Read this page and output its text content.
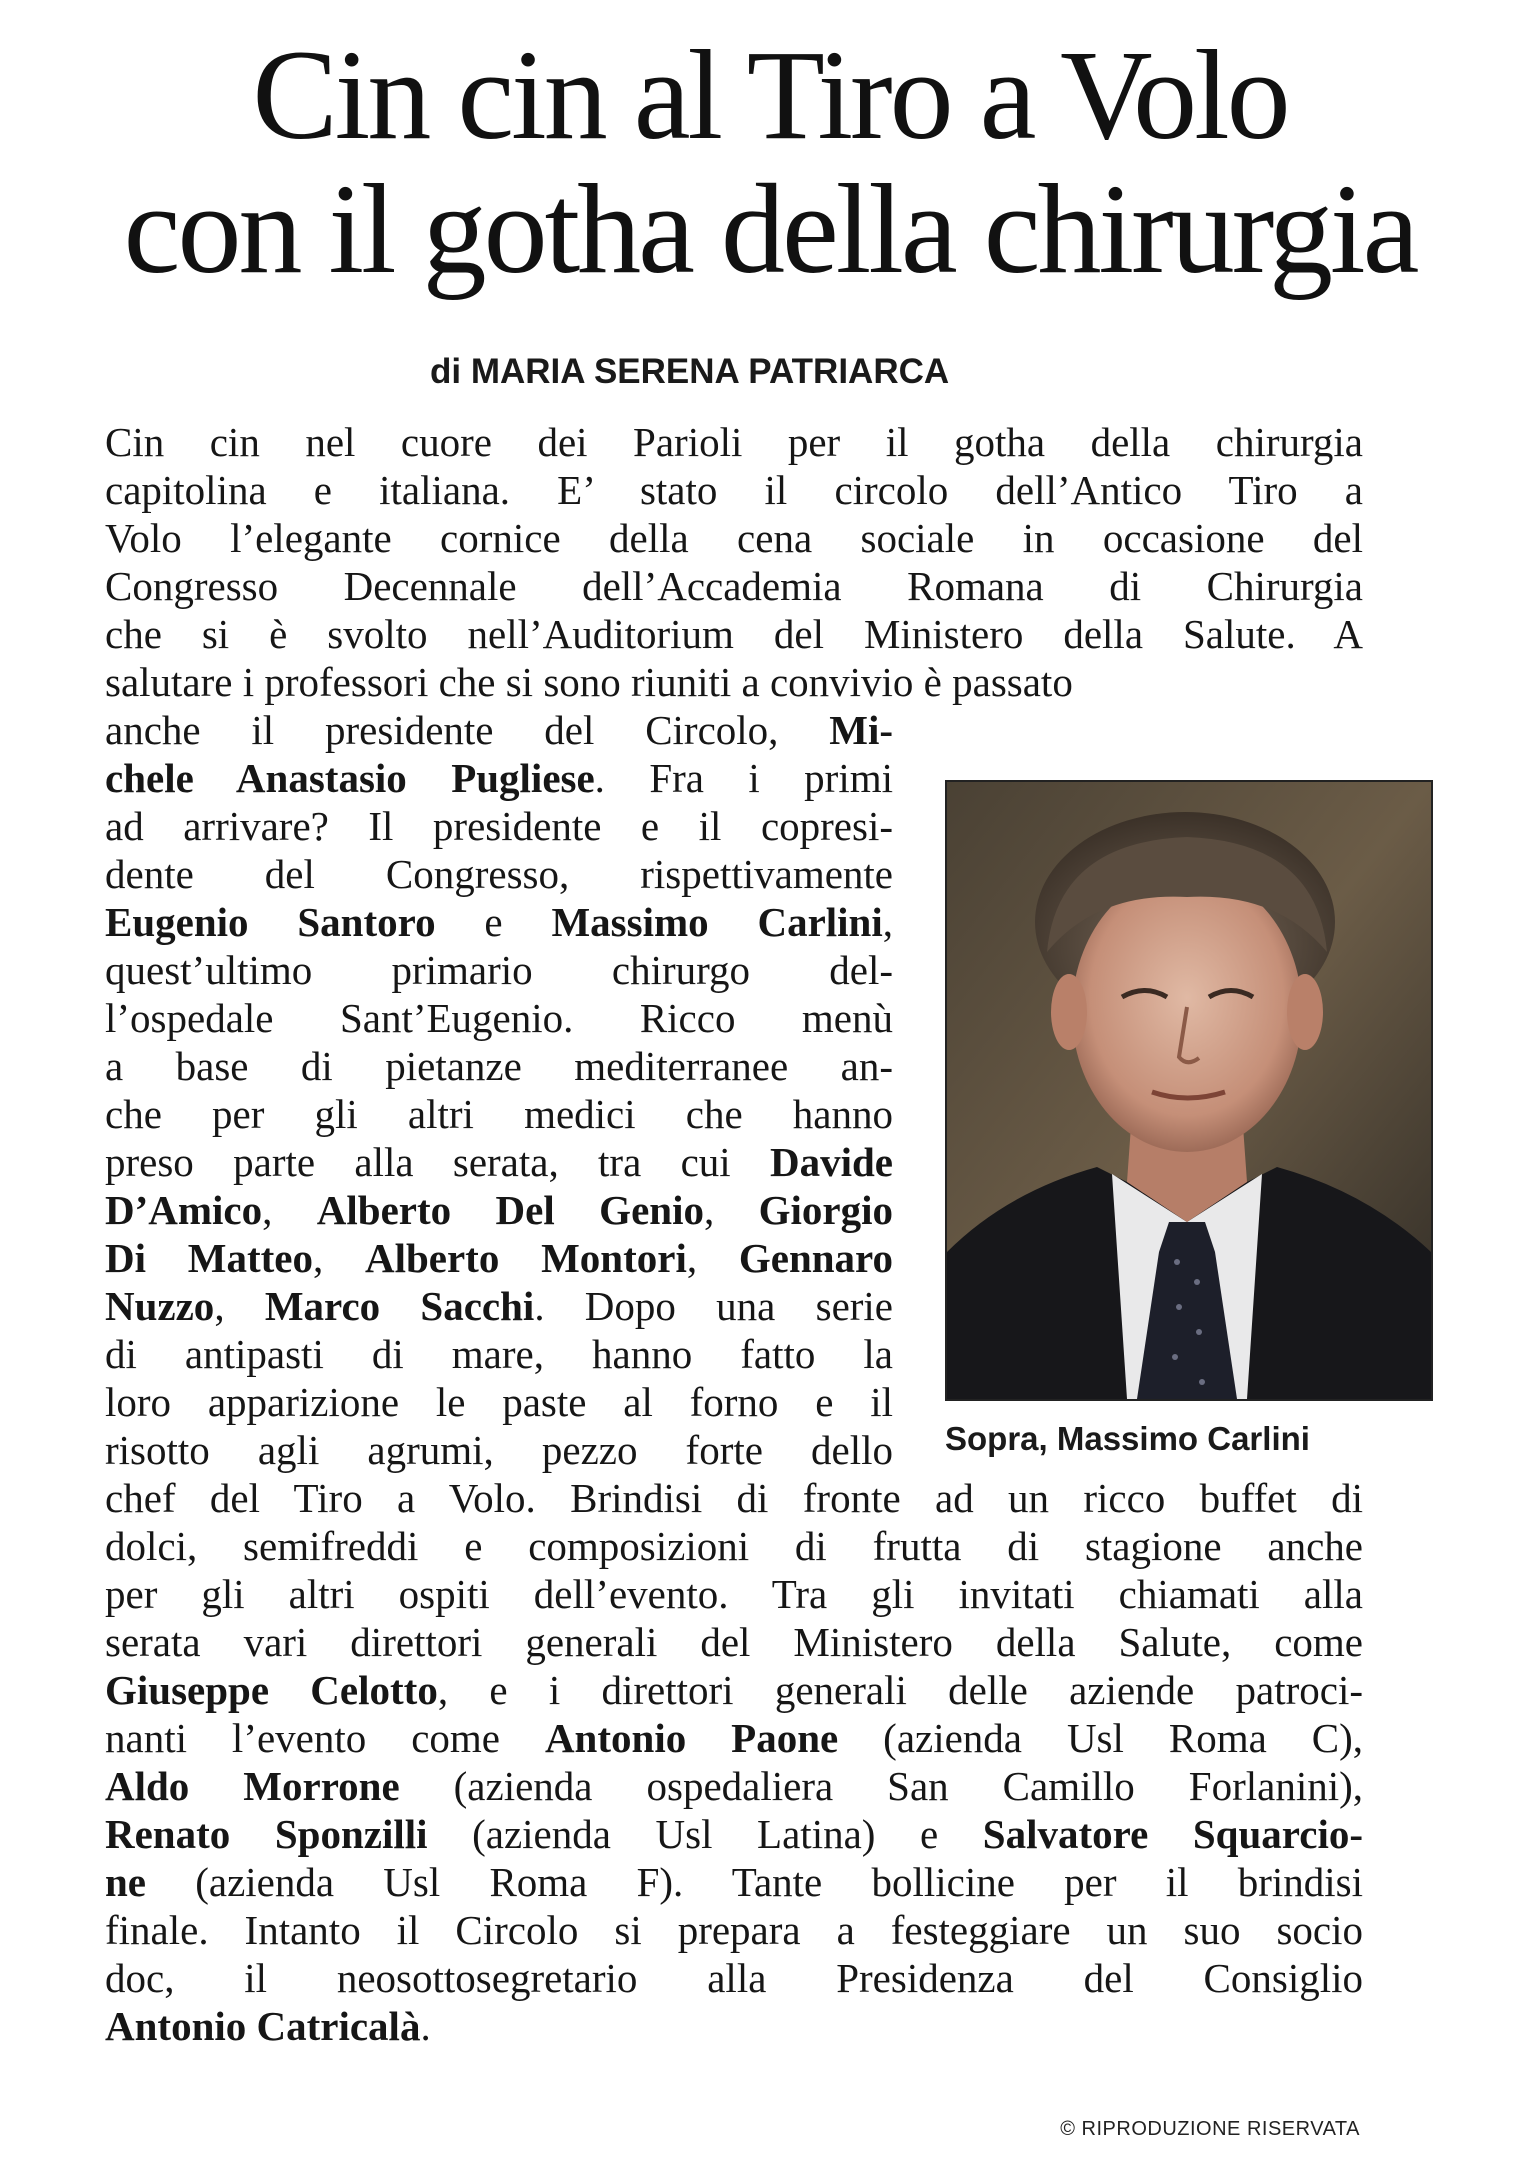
Cin cin al Tiro a Volo
con il gotha della chirurgia
di MARIA SERENA PATRIARCA
Cin cin nel cuore dei Parioli per il gotha della chirurgia
capitolina e italiana. E’ stato il circolo dell’Antico Tiro a
Volo l’elegante cornice della cena sociale in occasione del
Congresso Decennale dell’Accademia Romana di Chirurgia
che si è svolto nell’Auditorium del Ministero della Salute. A
salutare i professori che si sono riuniti a convivio è passato
anche il presidente del Circolo, Mi-
chele Anastasio Pugliese. Fra i primi
ad arrivare? Il presidente e il copresi-
dente del Congresso, rispettivamente
Eugenio Santoro e Massimo Carlini,
quest’ultimo primario chirurgo del-
l’ospedale Sant’Eugenio. Ricco menù
a base di pietanze mediterranee an-
che per gli altri medici che hanno
preso parte alla serata, tra cui Davide
D’Amico, Alberto Del Genio, Giorgio
Di Matteo, Alberto Montori, Gennaro
Nuzzo, Marco Sacchi. Dopo una serie
di antipasti di mare, hanno fatto la
loro apparizione le paste al forno e il
risotto agli agrumi, pezzo forte dello
chef del Tiro a Volo. Brindisi di fronte ad un ricco buffet di
dolci, semifreddi e composizioni di frutta di stagione anche
per gli altri ospiti dell’evento. Tra gli invitati chiamati alla
serata vari direttori generali del Ministero della Salute, come
Giuseppe Celotto, e i direttori generali delle aziende patroci-
nanti l’evento come Antonio Paone (azienda Usl Roma C),
Aldo Morrone (azienda ospedaliera San Camillo Forlanini),
Renato Sponzilli (azienda Usl Latina) e Salvatore Squarcio-
ne (azienda Usl Roma F). Tante bollicine per il brindisi
finale. Intanto il Circolo si prepara a festeggiare un suo socio
doc, il neosottosegretario alla Presidenza del Consiglio
Antonio Catricalà.
Sopra, Massimo Carlini
© RIPRODUZIONE RISERVATA
